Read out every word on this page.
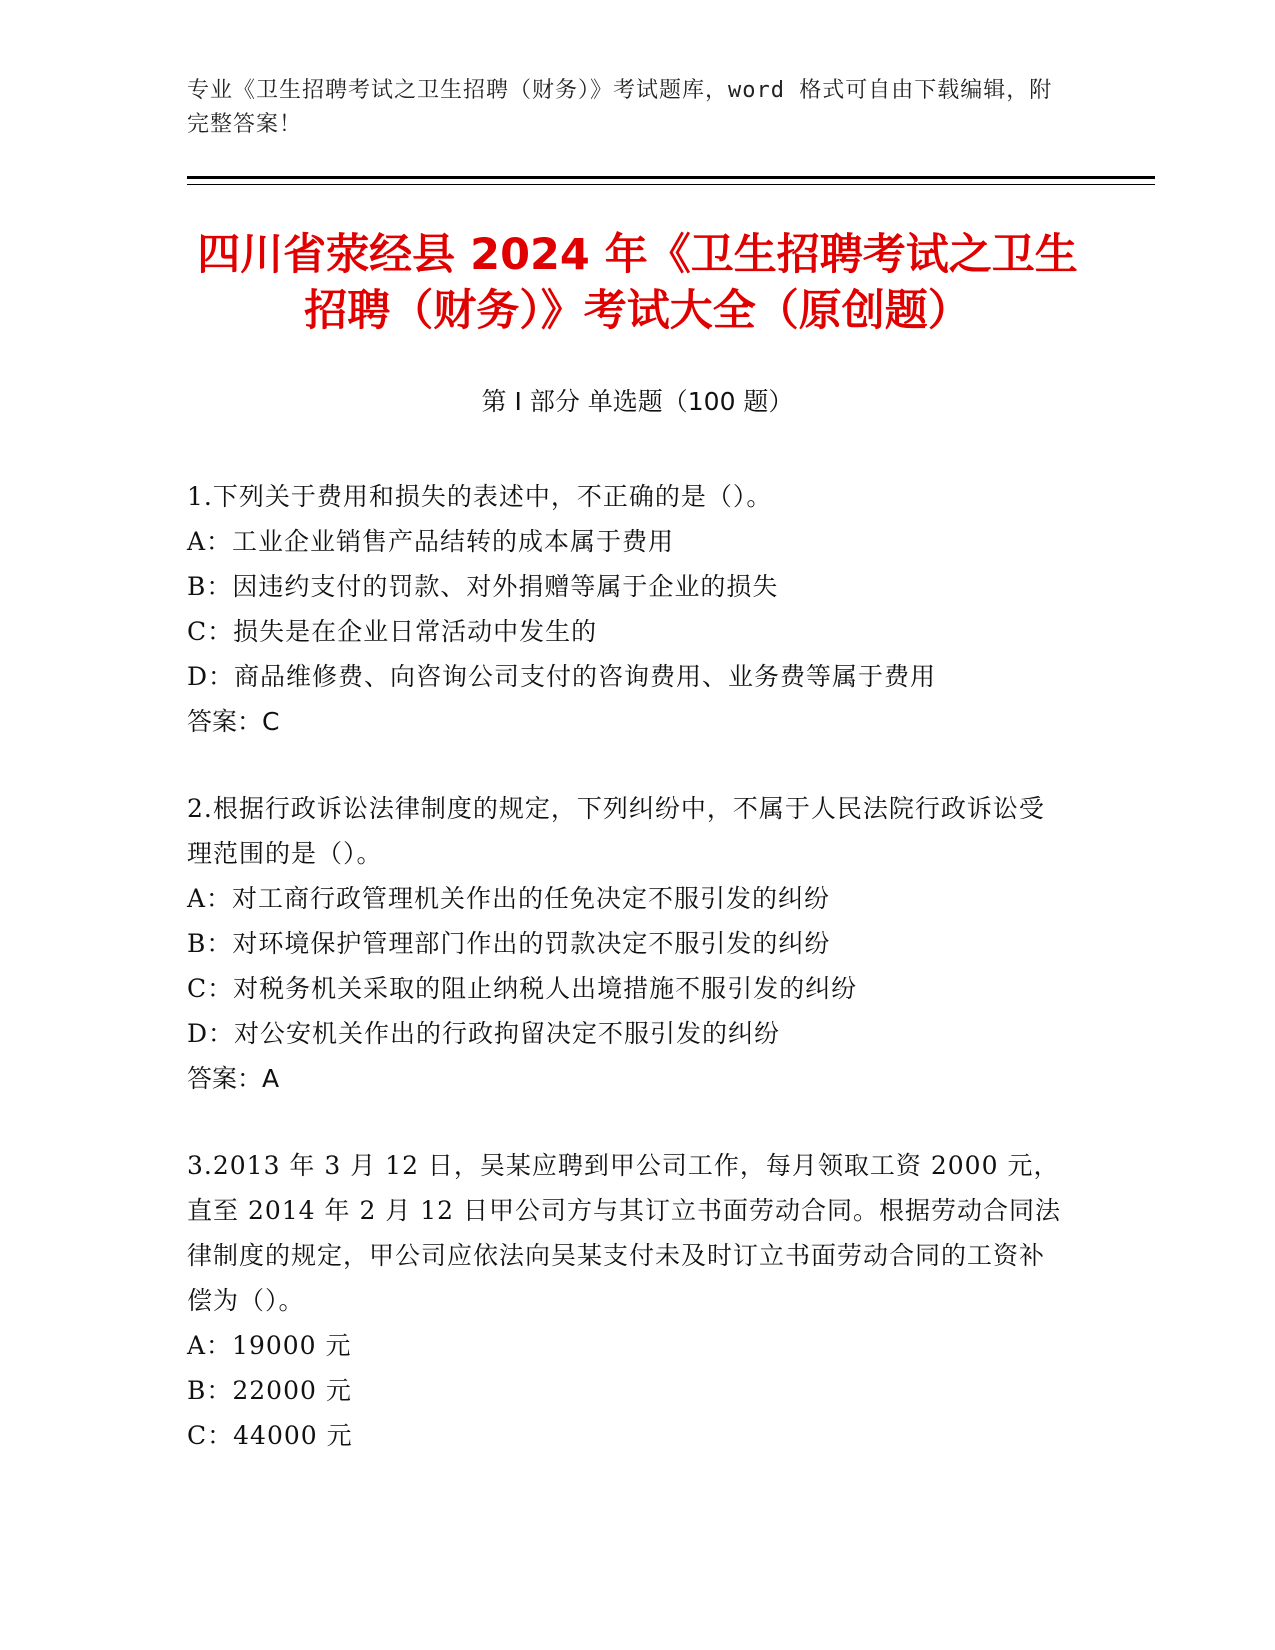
专业《卫生招聘考试之卫生招聘（财务）》考试题库，word 格式可自由下载编辑，附完整答案！
四川省荥经县 2024 年《卫生招聘考试之卫生
招聘（财务）》考试大全（原创题）
第 I 部分 单选题（100 题）
1.下列关于费用和损失的表述中，不正确的是（）。
A：工业企业销售产品结转的成本属于费用
B：因违约支付的罚款、对外捐赠等属于企业的损失
C：损失是在企业日常活动中发生的
D：商品维修费、向咨询公司支付的咨询费用、业务费等属于费用
答案：C
2.根据行政诉讼法律制度的规定，下列纠纷中，不属于人民法院行政诉讼受理范围的是（）。
A：对工商行政管理机关作出的任免决定不服引发的纠纷
B：对环境保护管理部门作出的罚款决定不服引发的纠纷
C：对税务机关采取的阻止纳税人出境措施不服引发的纠纷
D：对公安机关作出的行政拘留决定不服引发的纠纷
答案：A
3.2013 年 3 月 12 日，吴某应聘到甲公司工作，每月领取工资 2000 元，直至 2014 年 2 月 12 日甲公司方与其订立书面劳动合同。根据劳动合同法律制度的规定，甲公司应依法向吴某支付未及时订立书面劳动合同的工资补偿为（）。
A：19000 元
B：22000 元
C：44000 元
